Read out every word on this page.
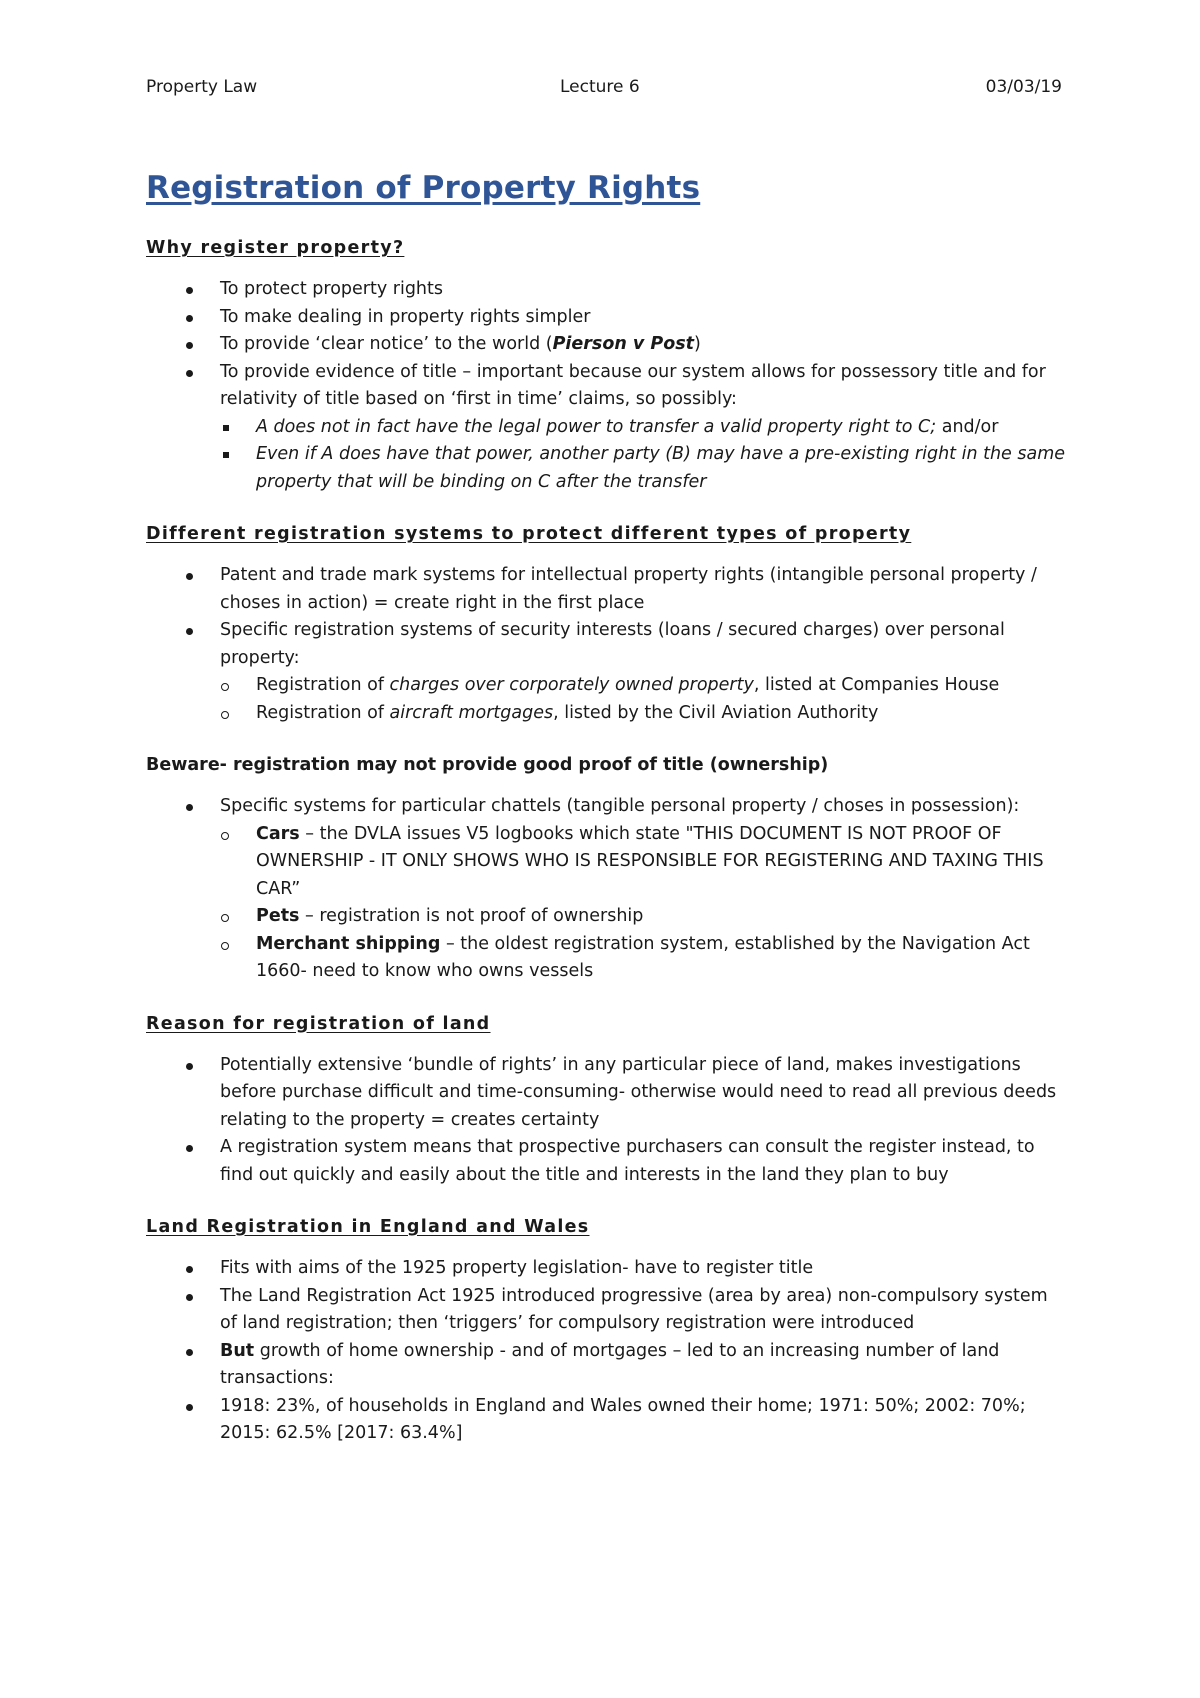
Property Law	Lecture 6	03/03/19
Registration of Property Rights
Why register property?
To protect property rights
To make dealing in property rights simpler
To provide ‘clear notice’ to the world (Pierson v Post)
To provide evidence of title – important because our system allows for possessory title and for relativity of title based on ‘first in time’ claims, so possibly:
A does not in fact have the legal power to transfer a valid property right to C; and/or
Even if A does have that power, another party (B) may have a pre-existing right in the same property that will be binding on C after the transfer
Different registration systems to protect different types of property
Patent and trade mark systems for intellectual property rights (intangible personal property / choses in action) = create right in the first place
Specific registration systems of security interests (loans / secured charges) over personal property:
Registration of charges over corporately owned property, listed at Companies House
Registration of aircraft mortgages, listed by the Civil Aviation Authority
Beware- registration may not provide good proof of title (ownership)
Specific systems for particular chattels (tangible personal property / choses in possession):
Cars – the DVLA issues V5 logbooks which state "THIS DOCUMENT IS NOT PROOF OF OWNERSHIP - IT ONLY SHOWS WHO IS RESPONSIBLE FOR REGISTERING AND TAXING THIS CAR”
Pets – registration is not proof of ownership
Merchant shipping – the oldest registration system, established by the Navigation Act 1660- need to know who owns vessels
Reason for registration of land
Potentially extensive ‘bundle of rights’ in any particular piece of land, makes investigations before purchase difficult and time-consuming- otherwise would need to read all previous deeds relating to the property = creates certainty
A registration system means that prospective purchasers can consult the register instead, to find out quickly and easily about the title and interests in the land they plan to buy
Land Registration in England and Wales
Fits with aims of the 1925 property legislation- have to register title
The Land Registration Act 1925 introduced progressive (area by area) non-compulsory system of land registration; then ‘triggers’ for compulsory registration were introduced
But growth of home ownership - and of mortgages – led to an increasing number of land transactions:
1918: 23%, of households in England and Wales owned their home; 1971: 50%; 2002: 70%; 2015: 62.5% [2017: 63.4%]
